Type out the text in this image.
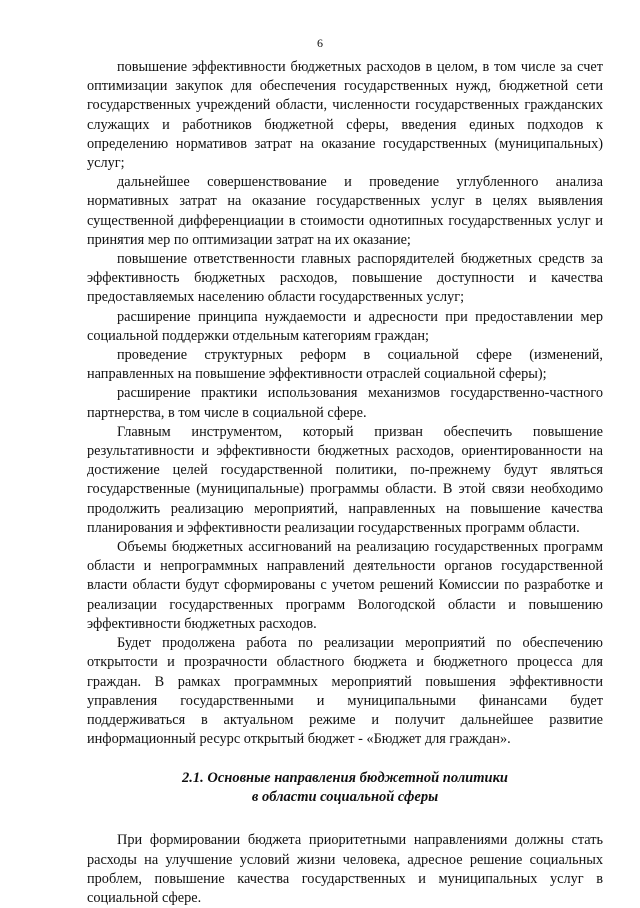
6

повышение эффективности бюджетных расходов в целом, в том числе за счет оптимизации закупок для обеспечения государственных нужд, бюджетной сети государственных учреждений области, численности государственных гражданских служащих и работников бюджетной сферы, введения единых подходов к определению нормативов затрат на оказание государственных (муниципальных) услуг;

дальнейшее совершенствование и проведение углубленного анализа нормативных затрат на оказание государственных услуг в целях выявления существенной дифференциации в стоимости однотипных государственных услуг и принятия мер по оптимизации затрат на их оказание;

повышение ответственности главных распорядителей бюджетных средств за эффективность бюджетных расходов, повышение доступности и качества предоставляемых населению области государственных услуг;

расширение принципа нуждаемости и адресности при предоставлении мер социальной поддержки отдельным категориям граждан;

проведение структурных реформ в социальной сфере (изменений, направленных на повышение эффективности отраслей социальной сферы);

расширение практики использования механизмов государственно-частного партнерства, в том числе в социальной сфере.

Главным инструментом, который призван обеспечить повышение результативности и эффективности бюджетных расходов, ориентированности на достижение целей государственной политики, по-прежнему будут являться государственные (муниципальные) программы области. В этой связи необходимо продолжить реализацию мероприятий, направленных на повышение качества планирования и эффективности реализации государственных программ области.

Объемы бюджетных ассигнований на реализацию государственных программ области и непрограммных направлений деятельности органов государственной власти области будут сформированы с учетом решений Комиссии по разработке и реализации государственных программ Вологодской области и повышению эффективности бюджетных расходов.

Будет продолжена работа по реализации мероприятий по обеспечению открытости и прозрачности областного бюджета и бюджетного процесса для граждан. В рамках программных мероприятий повышения эффективности управления государственными и муниципальными финансами будет поддерживаться в актуальном режиме и получит дальнейшее развитие информационный ресурс открытый бюджет - «Бюджет для граждан».

2.1. Основные направления бюджетной политики
в области социальной сферы

При формировании бюджета приоритетными направлениями должны стать расходы на улучшение условий жизни человека, адресное решение социальных проблем, повышение качества государственных и муниципальных услуг в социальной сфере.
